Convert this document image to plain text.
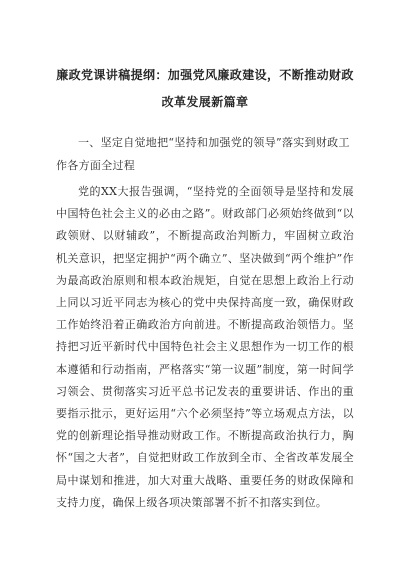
廉政党课讲稿提纲：加强党风廉政建设，不断推动财政改革发展新篇章

一、坚定自觉地把“坚持和加强党的领导”落实到财政工作各方面全过程

党的XX大报告强调，“坚持党的全面领导是坚持和发展中国特色社会主义的必由之路”。财政部门必须始终做到“以政领财、以财辅政”，不断提高政治判断力，牢固树立政治机关意识，把坚定拥护“两个确立”、坚决做到“两个维护”作为最高政治原则和根本政治规矩，自觉在思想上政治上行动上同以习近平同志为核心的党中央保持高度一致，确保财政工作始终沿着正确政治方向前进。不断提高政治领悟力。坚持把习近平新时代中国特色社会主义思想作为一切工作的根本遵循和行动指南，严格落实“第一议题”制度，第一时间学习领会、贯彻落实习近平总书记发表的重要讲话、作出的重要指示批示，更好运用“六个必须坚持”等立场观点方法，以党的创新理论指导推动财政工作。不断提高政治执行力，胸怀“国之大者”，自觉把财政工作放到全市、全省改革发展全局中谋划和推进，加大对重大战略、重要任务的财政保障和支持力度，确保上级各项决策部署不折不扣落实到位。
